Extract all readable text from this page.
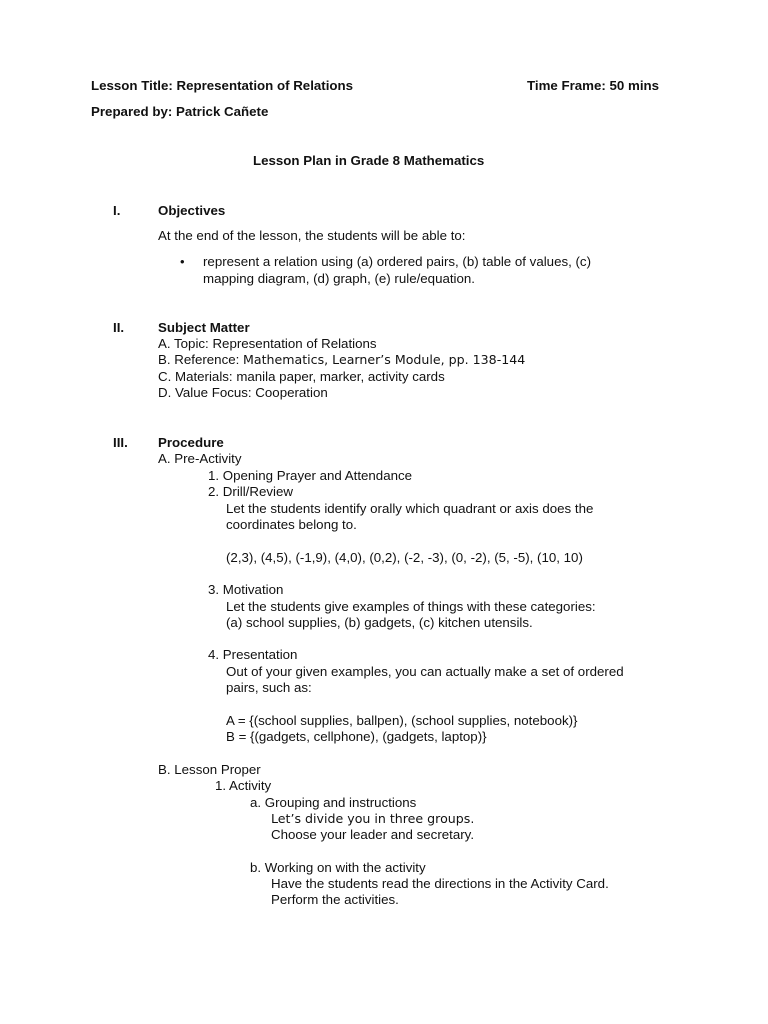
Lesson Title: Representation of Relations	Time Frame: 50 mins
Prepared by: Patrick Cañete
Lesson Plan in Grade 8 Mathematics
I.	Objectives
At the end of the lesson, the students will be able to:
• represent a relation using (a) ordered pairs, (b) table of values, (c)
mapping diagram, (d) graph, (e) rule/equation.
II.	Subject Matter
A. Topic: Representation of Relations
B. Reference: Mathematics, Learner’s Module, pp. 138-144
C. Materials: manila paper, marker, activity cards
D. Value Focus: Cooperation
III. Procedure
A. Pre-Activity
1. Opening Prayer and Attendance
2. Drill/Review
Let the students identify orally which quadrant or axis does the
coordinates belong to.
(2,3), (4,5), (-1,9), (4,0), (0,2), (-2, -3), (0, -2), (5, -5), (10, 10)
3. Motivation
Let the students give examples of things with these categories:
(a) school supplies, (b) gadgets, (c) kitchen utensils.
4. Presentation
Out of your given examples, you can actually make a set of ordered
pairs, such as:
A = {(school supplies, ballpen), (school supplies, notebook)}
B = {(gadgets, cellphone), (gadgets, laptop)}
B. Lesson Proper
1. Activity
a. Grouping and instructions
Let’s divide you in three groups.
Choose your leader and secretary.
b. Working on with the activity
Have the students read the directions in the Activity Card.
Perform the activities.
